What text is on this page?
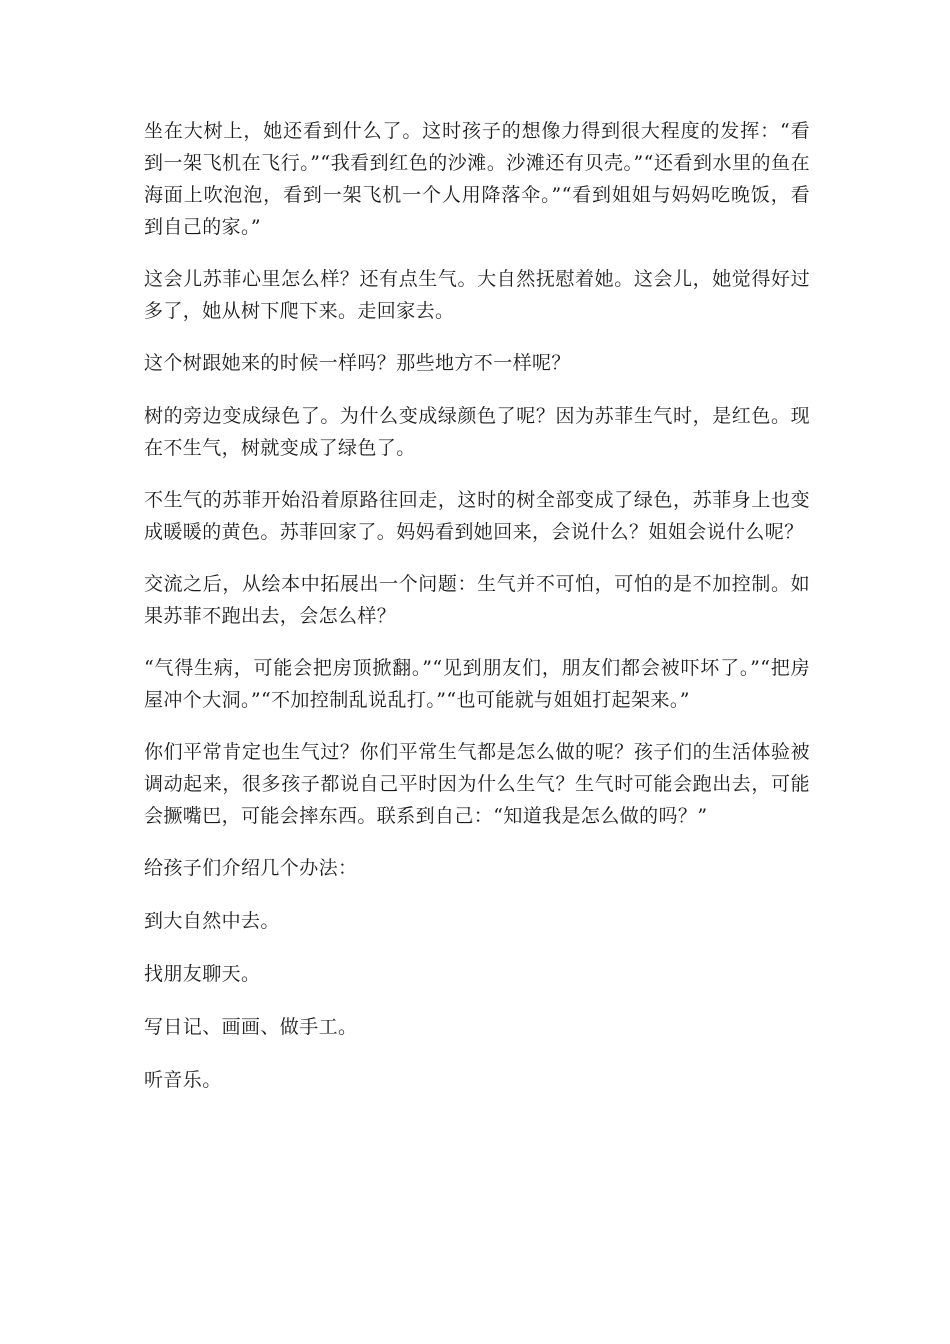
坐在大树上，她还看到什么了。这时孩子的想像力得到很大程度的发挥：“看到一架飞机在飞行。”“我看到红色的沙滩。沙滩还有贝壳。”“还看到水里的鱼在海面上吹泡泡，看到一架飞机一个人用降落伞。”“看到姐姐与妈妈吃晚饭，看到自己的家。”

这会儿苏菲心里怎么样？还有点生气。大自然抚慰着她。这会儿，她觉得好过多了，她从树下爬下来。走回家去。

这个树跟她来的时候一样吗？那些地方不一样呢？

树的旁边变成绿色了。为什么变成绿颜色了呢？因为苏菲生气时，是红色。现在不生气，树就变成了绿色了。

不生气的苏菲开始沿着原路往回走，这时的树全部变成了绿色，苏菲身上也变成暖暖的黄色。苏菲回家了。妈妈看到她回来，会说什么？姐姐会说什么呢？

交流之后，从绘本中拓展出一个问题：生气并不可怕，可怕的是不加控制。如果苏菲不跑出去，会怎么样？

“气得生病，可能会把房顶掀翻。”“见到朋友们，朋友们都会被吓坏了。”“把房屋冲个大洞。”“不加控制乱说乱打。”“也可能就与姐姐打起架来。”

你们平常肯定也生气过？你们平常生气都是怎么做的呢？孩子们的生活体验被调动起来，很多孩子都说自己平时因为什么生气？生气时可能会跑出去，可能会撅嘴巴，可能会摔东西。联系到自己：“知道我是怎么做的吗？”

给孩子们介绍几个办法：

到大自然中去。

找朋友聊天。

写日记、画画、做手工。

听音乐。
